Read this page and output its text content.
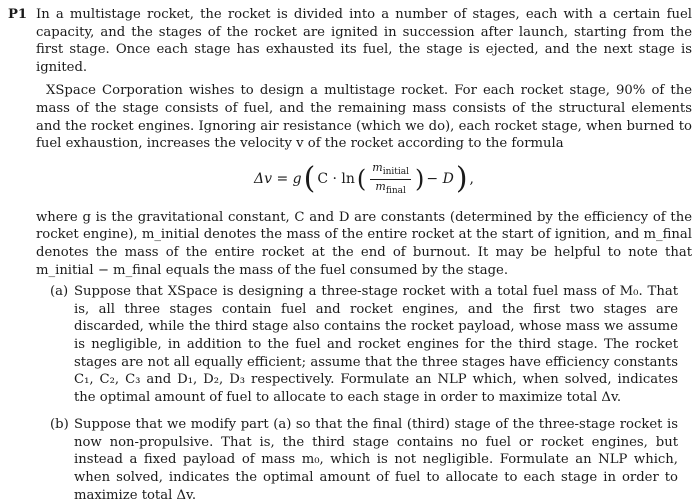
P1 In a multistage rocket, the rocket is divided into a number of stages, each with a certain fuel capacity, and the stages of the rocket are ignited in succession after launch, starting from the first stage. Once each stage has exhausted its fuel, the stage is ejected, and the next stage is ignited.

XSpace Corporation wishes to design a multistage rocket. For each rocket stage, 90% of the mass of the stage consists of fuel, and the remaining mass consists of the structural elements and the rocket engines. Ignoring air resistance (which we do), each rocket stage, when burned to fuel exhaustion, increases the velocity v of the rocket according to the formula

Δv = g ( C · ln ( $\frac{m_{initial}}{m_{final}}$ ) − D ) ,

where g is the gravitational constant, C and D are constants (determined by the efficiency of the rocket engine), m_initial denotes the mass of the entire rocket at the start of ignition, and m_final denotes the mass of the entire rocket at the end of burnout. It may be helpful to note that m_initial − m_final equals the mass of the fuel consumed by the stage.

(a) Suppose that XSpace is designing a three-stage rocket with a total fuel mass of M₀. That is, all three stages contain fuel and rocket engines, and the first two stages are discarded, while the third stage also contains the rocket payload, whose mass we assume is negligible, in addition to the fuel and rocket engines for the third stage. The rocket stages are not all equally efficient; assume that the three stages have efficiency constants C₁, C₂, C₃ and D₁, D₂, D₃ respectively. Formulate an NLP which, when solved, indicates the optimal amount of fuel to allocate to each stage in order to maximize total Δv.
(b) Suppose that we modify part (a) so that the final (third) stage of the three-stage rocket is now non-propulsive. That is, the third stage contains no fuel or rocket engines, but instead a fixed payload of mass m₀, which is not negligible. Formulate an NLP which, when solved, indicates the optimal amount of fuel to allocate to each stage in order to maximize total Δv.
